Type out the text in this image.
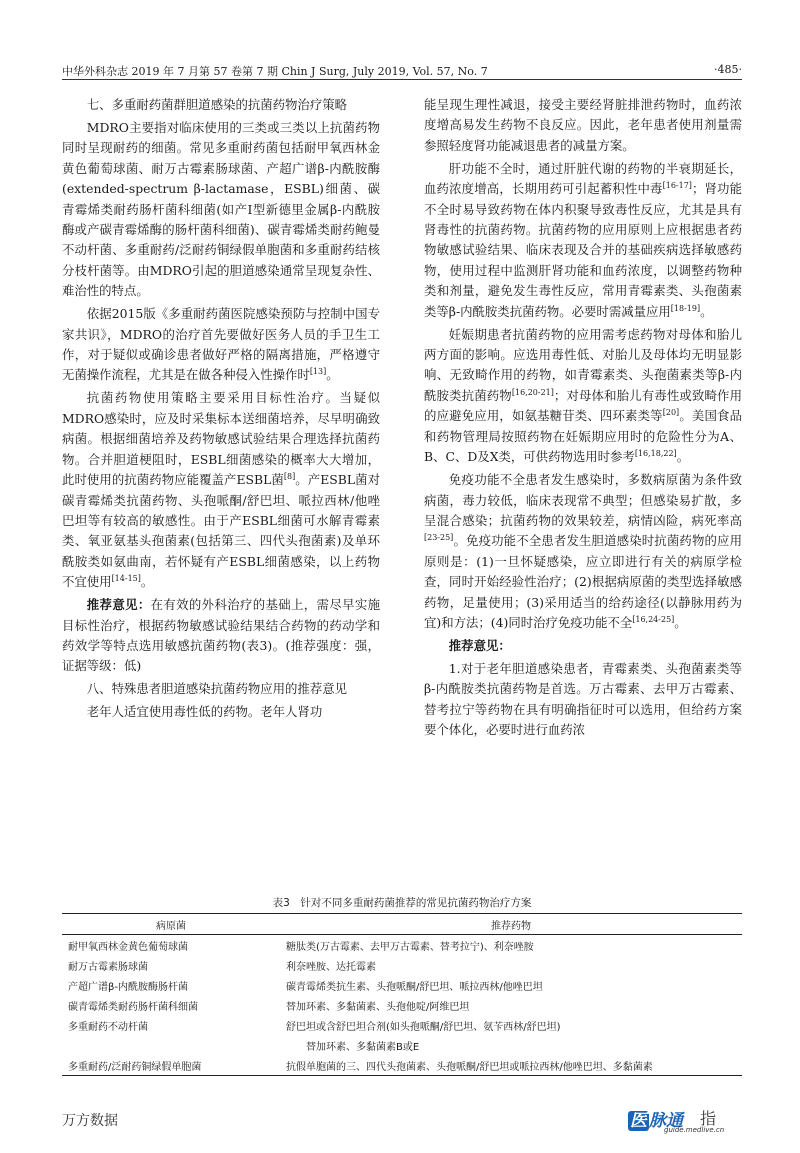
中华外科杂志 2019 年 7 月第 57 卷第 7 期 Chin J Surg, July 2019, Vol. 57, No. 7	·485·

七、多重耐药菌群胆道感染的抗菌药物治疗策略

MDRO主要指对临床使用的三类或三类以上抗菌药物同时呈现耐药的细菌。常见多重耐药菌包括耐甲氧西林金黄色葡萄球菌、耐万古霉素肠球菌、产超广谱β-内酰胺酶(extended-spectrum β-lactamase，ESBL)细菌、碳青霉烯类耐药肠杆菌科细菌(如产Ⅰ型新德里金属β-内酰胺酶或产碳青霉烯酶的肠杆菌科细菌)、碳青霉烯类耐药鲍曼不动杆菌、多重耐药/泛耐药铜绿假单胞菌和多重耐药结核分枝杆菌等。由MDRO引起的胆道感染通常呈现复杂性、难治性的特点。

依据2015版《多重耐药菌医院感染预防与控制中国专家共识》，MDRO的治疗首先要做好医务人员的手卫生工作，对于疑似或确诊患者做好严格的隔离措施，严格遵守无菌操作流程，尤其是在做各种侵入性操作时[13]。

抗菌药物使用策略主要采用目标性治疗。当疑似MDRO感染时，应及时采集标本送细菌培养，尽早明确致病菌。根据细菌培养及药物敏感试验结果合理选择抗菌药物。合并胆道梗阻时，ESBL细菌感染的概率大大增加，此时使用的抗菌药物应能覆盖产ESBL菌[8]。产ESBL菌对碳青霉烯类抗菌药物、头孢哌酮/舒巴坦、哌拉西林/他唑巴坦等有较高的敏感性。由于产ESBL细菌可水解青霉素类、氧亚氨基头孢菌素(包括第三、四代头孢菌素)及单环酰胺类如氨曲南，若怀疑有产ESBL细菌感染，以上药物不宜使用[14-15]。

推荐意见：在有效的外科治疗的基础上，需尽早实施目标性治疗，根据药物敏感试验结果结合药物的药动学和药效学等特点选用敏感抗菌药物(表3)。(推荐强度：强，证据等级：低)

八、特殊患者胆道感染抗菌药物应用的推荐意见

老年人适宜使用毒性低的药物。老年人肾功

能呈现生理性减退，接受主要经肾脏排泄药物时，血药浓度增高易发生药物不良反应。因此，老年患者使用剂量需参照轻度肾功能减退患者的减量方案。

肝功能不全时，通过肝脏代谢的药物的半衰期延长，血药浓度增高，长期用药可引起蓄积性中毒[16-17]；肾功能不全时易导致药物在体内积聚导致毒性反应，尤其是具有肾毒性的抗菌药物。抗菌药物的应用原则上应根据患者药物敏感试验结果、临床表现及合并的基础疾病选择敏感药物，使用过程中监测肝肾功能和血药浓度，以调整药物种类和剂量，避免发生毒性反应，常用青霉素类、头孢菌素类等β-内酰胺类抗菌药物。必要时需减量应用[18-19]。

妊娠期患者抗菌药物的应用需考虑药物对母体和胎儿两方面的影响。应选用毒性低、对胎儿及母体均无明显影响、无致畸作用的药物，如青霉素类、头孢菌素类等β-内酰胺类抗菌药物[16,20-21]；对母体和胎儿有毒性或致畸作用的应避免应用，如氨基糖苷类、四环素类等[20]。美国食品和药物管理局按照药物在妊娠期应用时的危险性分为A、B、C、D及X类，可供药物选用时参考[16,18,22]。

免疫功能不全患者发生感染时，多数病原菌为条件致病菌，毒力较低，临床表现常不典型；但感染易扩散，多呈混合感染；抗菌药物的效果较差，病情凶险，病死率高[23-25]。免疫功能不全患者发生胆道感染时抗菌药物的应用原则是：(1)一旦怀疑感染，应立即进行有关的病原学检查，同时开始经验性治疗；(2)根据病原菌的类型选择敏感药物，足量使用；(3)采用适当的给药途径(以静脉用药为宜)和方法；(4)同时治疗免疫功能不全[16,24-25]。

推荐意见：

1.对于老年胆道感染患者，青霉素类、头孢菌素类等β-内酰胺类抗菌药物是首选。万古霉素、去甲万古霉素、替考拉宁等药物在具有明确指征时可以选用，但给药方案要个体化，必要时进行血药浓

表3　针对不同多重耐药菌推荐的常见抗菌药物治疗方案
病原菌	推荐药物
耐甲氧西林金黄色葡萄球菌	糖肽类(万古霉素、去甲万古霉素、替考拉宁)、利奈唑胺
耐万古霉素肠球菌	利奈唑胺、达托霉素
产超广谱β-内酰胺酶肠杆菌	碳青霉烯类抗生素、头孢哌酮/舒巴坦、哌拉西林/他唑巴坦
碳青霉烯类耐药肠杆菌科细菌	替加环素、多黏菌素、头孢他啶/阿维巴坦
多重耐药不动杆菌	舒巴坦或含舒巴坦合剂(如头孢哌酮/舒巴坦、氨苄西林/舒巴坦)
	替加环素、多黏菌素B或E
多重耐药/泛耐药铜绿假单胞菌	抗假单胞菌的三、四代头孢菌素、头孢哌酮/舒巴坦或哌拉西林/他唑巴坦、多黏菌素
万方数据	医 脉通 指
guide.medlive.cn
